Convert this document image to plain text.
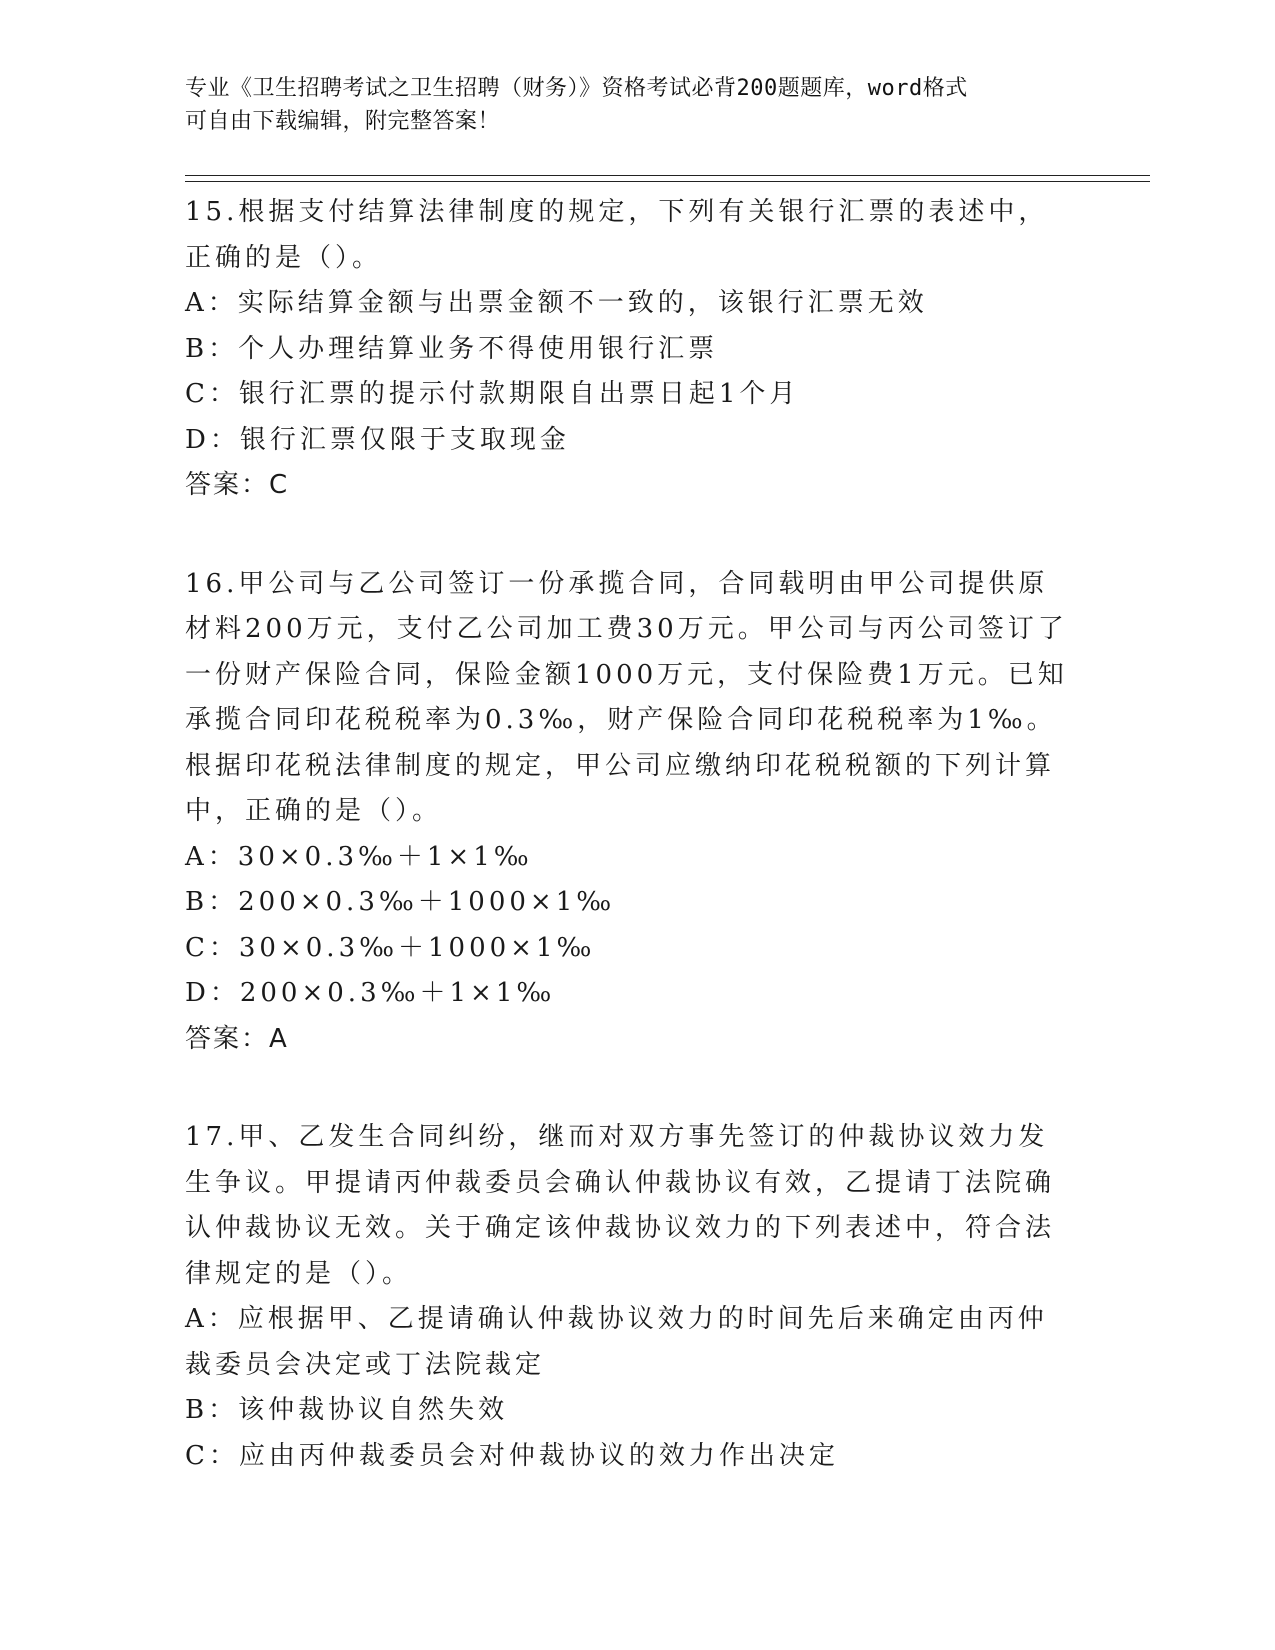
专业《卫生招聘考试之卫生招聘（财务）》资格考试必背200题题库，word格式
可自由下载编辑，附完整答案！

15.根据支付结算法律制度的规定，下列有关银行汇票的表述中，正确的是（）。

A：实际结算金额与出票金额不一致的，该银行汇票无效

B：个人办理结算业务不得使用银行汇票

C：银行汇票的提示付款期限自出票日起1个月

D：银行汇票仅限于支取现金

答案：C

16.甲公司与乙公司签订一份承揽合同，合同载明由甲公司提供原材料200万元，支付乙公司加工费30万元。甲公司与丙公司签订了一份财产保险合同，保险金额1000万元，支付保险费1万元。已知承揽合同印花税税率为0.3‰，财产保险合同印花税税率为1‰。根据印花税法律制度的规定，甲公司应缴纳印花税税额的下列计算中，正确的是（）。

A：30×0.3‰＋1×1‰

B：200×0.3‰＋1000×1‰

C：30×0.3‰＋1000×1‰

D：200×0.3‰＋1×1‰

答案：A

17.甲、乙发生合同纠纷，继而对双方事先签订的仲裁协议效力发生争议。甲提请丙仲裁委员会确认仲裁协议有效，乙提请丁法院确认仲裁协议无效。关于确定该仲裁协议效力的下列表述中，符合法律规定的是（）。

A：应根据甲、乙提请确认仲裁协议效力的时间先后来确定由丙仲裁委员会决定或丁法院裁定

B：该仲裁协议自然失效

C：应由丙仲裁委员会对仲裁协议的效力作出决定
